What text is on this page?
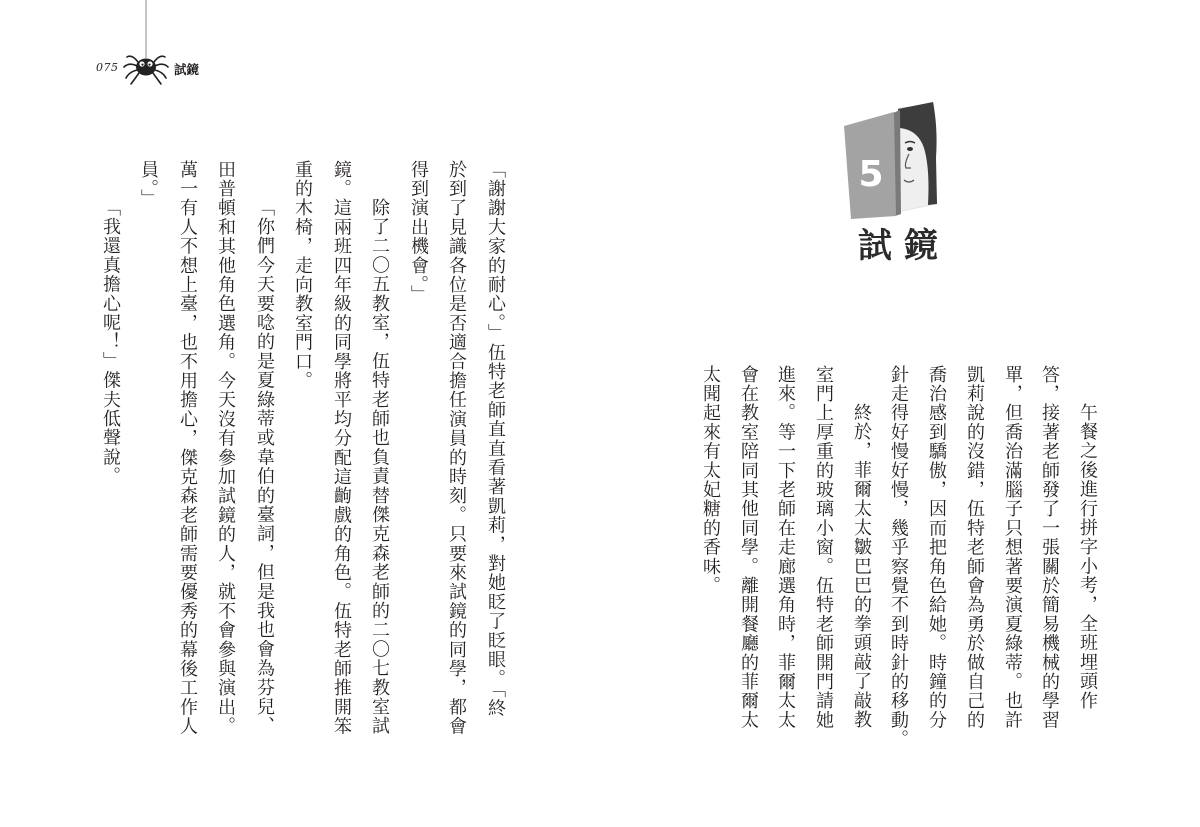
075	試鏡
「謝謝大家的耐心。」伍特老師直直看著凱莉，對她眨了眨眼。「終
於到了見識各位是否適合擔任演員的時刻。只要來試鏡的同學，都會
得到演出機會。」
除了二〇五教室，伍特老師也負責替傑克森老師的二〇七教室試
鏡。這兩班四年級的同學將平均分配這齣戲的角色。伍特老師推開笨
重的木椅，走向教室門口。
「你們今天要唸的是夏綠蒂或韋伯的臺詞，但是我也會為芬兒、
田普頓和其他角色選角。今天沒有參加試鏡的人，就不會參與演出。
萬一有人不想上臺，也不用擔心，傑克森老師需要優秀的幕後工作人
員。」
「我還真擔心呢！」傑夫低聲說。
5
試鏡
午餐之後進行拼字小考，全班埋頭作
答，接著老師發了一張關於簡易機械的學習
單，但喬治滿腦子只想著要演夏綠蒂。也許
凱莉說的沒錯，伍特老師會為勇於做自己的
喬治感到驕傲，因而把角色給她。時鐘的分
針走得好慢好慢，幾乎察覺不到時針的移動。
終於，菲爾太太皺巴巴的拳頭敲了敲教
室門上厚重的玻璃小窗。伍特老師開門請她
進來。等一下老師在走廊選角時，菲爾太太
會在教室陪同其他同學。離開餐廳的菲爾太
太聞起來有太妃糖的香味。
